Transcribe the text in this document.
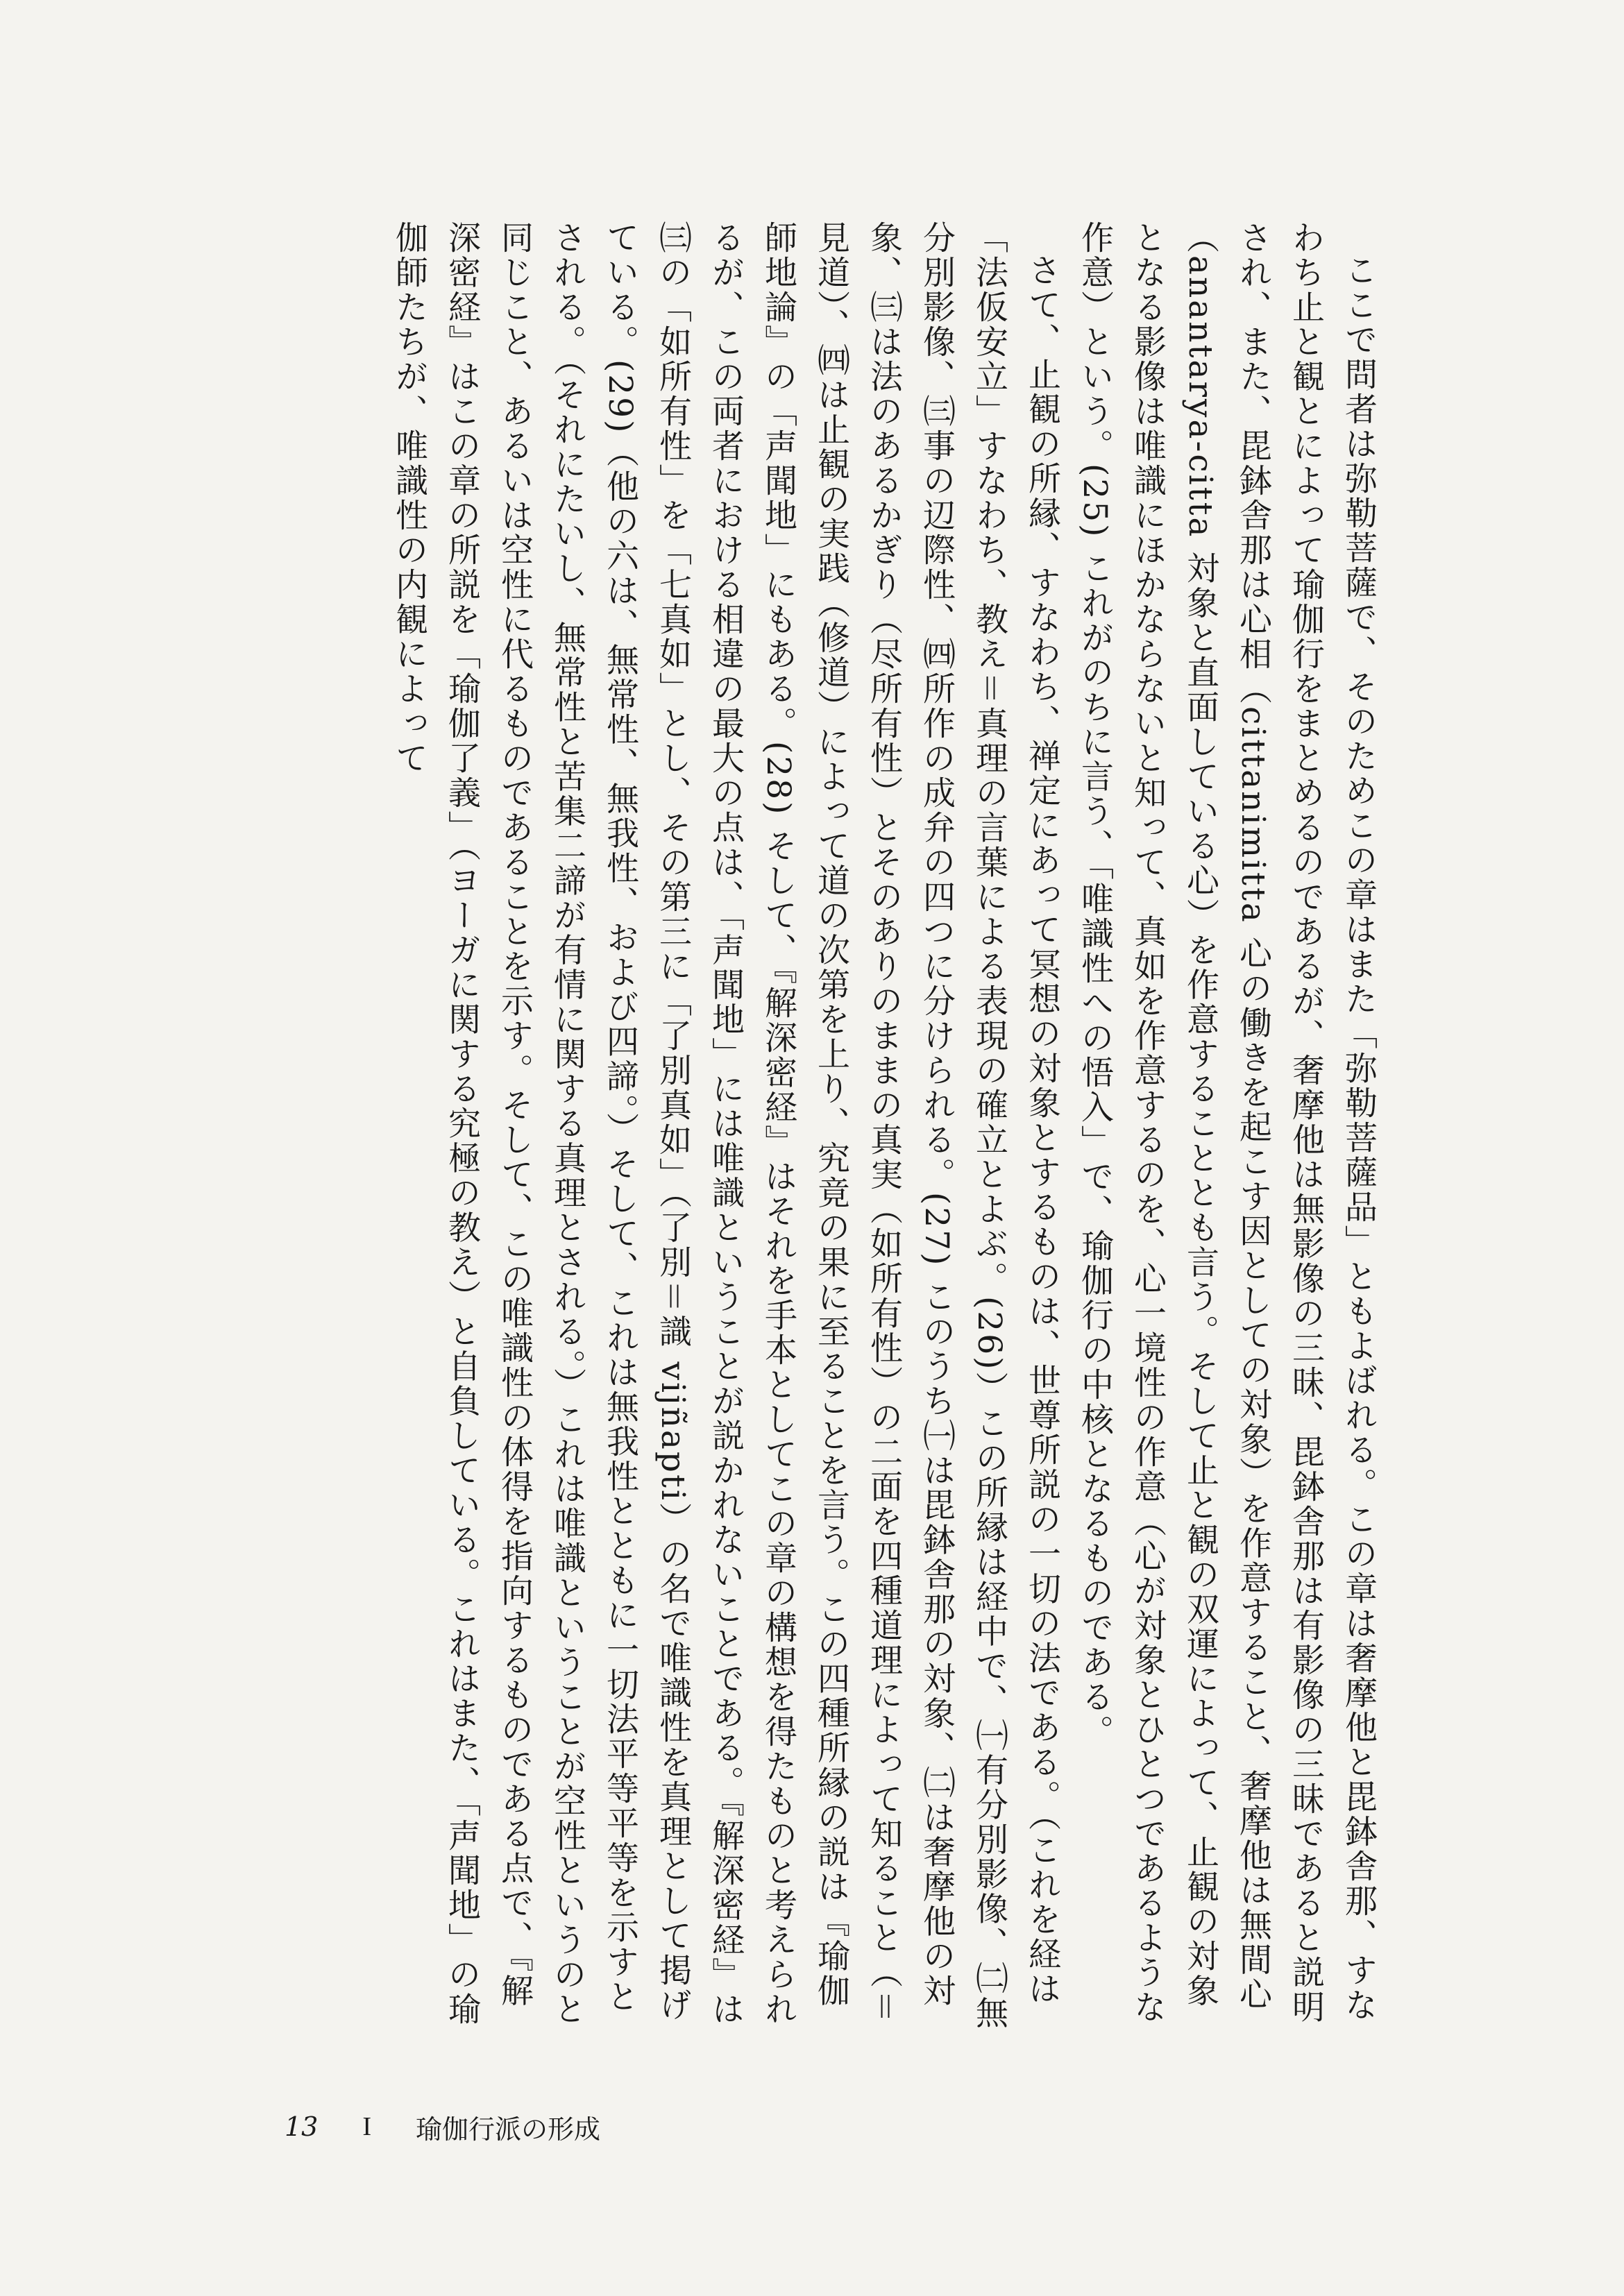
ここで問者は弥勒菩薩で、そのためこの章はまた「弥勒菩薩品」ともよばれる。この章は奢摩他と毘鉢舎那、すなわち止と観とによって瑜伽行をまとめるのであるが、奢摩他は無影像の三昧、毘鉢舎那は有影像の三昧であると説明され、また、毘鉢舎那は心相（cittanimitta 心の働きを起こす因としての対象）を作意すること、奢摩他は無間心（anantarya-citta 対象と直面している心）を作意することとも言う。そして止と観の双運によって、止観の対象となる影像は唯識にほかならないと知って、真如を作意するのを、心一境性の作意（心が対象とひとつであるような作意）という。(25) これがのちに言う、「唯識性への悟入」で、瑜伽行の中核となるものである。

さて、止観の所縁、すなわち、禅定にあって冥想の対象とするものは、世尊所説の一切の法である。（これを経は「法仮安立」すなわち、教え＝真理の言葉による表現の確立とよぶ。(26)）この所縁は経中で、㈠有分別影像、㈡無分別影像、㈢事の辺際性、㈣所作の成弁の四つに分けられる。(27) このうち㈠は毘鉢舎那の対象、㈡は奢摩他の対象、㈢は法のあるかぎり（尽所有性）とそのありのままの真実（如所有性）の二面を四種道理によって知ること（＝見道）、㈣は止観の実践（修道）によって道の次第を上り、究竟の果に至ることを言う。この四種所縁の説は『瑜伽師地論』の「声聞地」にもある。(28) そして、『解深密経』はそれを手本としてこの章の構想を得たものと考えられるが、この両者における相違の最大の点は、「声聞地」には唯識ということが説かれないことである。『解深密経』は㈢の「如所有性」を「七真如」とし、その第三に「了別真如」（了別＝識 vijñapti）の名で唯識性を真理として掲げている。(29)（他の六は、無常性、無我性、および四諦。）そして、これは無我性とともに一切法平等平等を示すとされる。（それにたいし、無常性と苦集二諦が有情に関する真理とされる。）これは唯識ということが空性というのと同じこと、あるいは空性に代るものであることを示す。そして、この唯識性の体得を指向するものである点で、『解深密経』はこの章の所説を「瑜伽了義」（ヨーガに関する究極の教え）と自負している。これはまた、「声聞地」の瑜伽師たちが、唯識性の内観によって

13 I 瑜伽行派の形成
